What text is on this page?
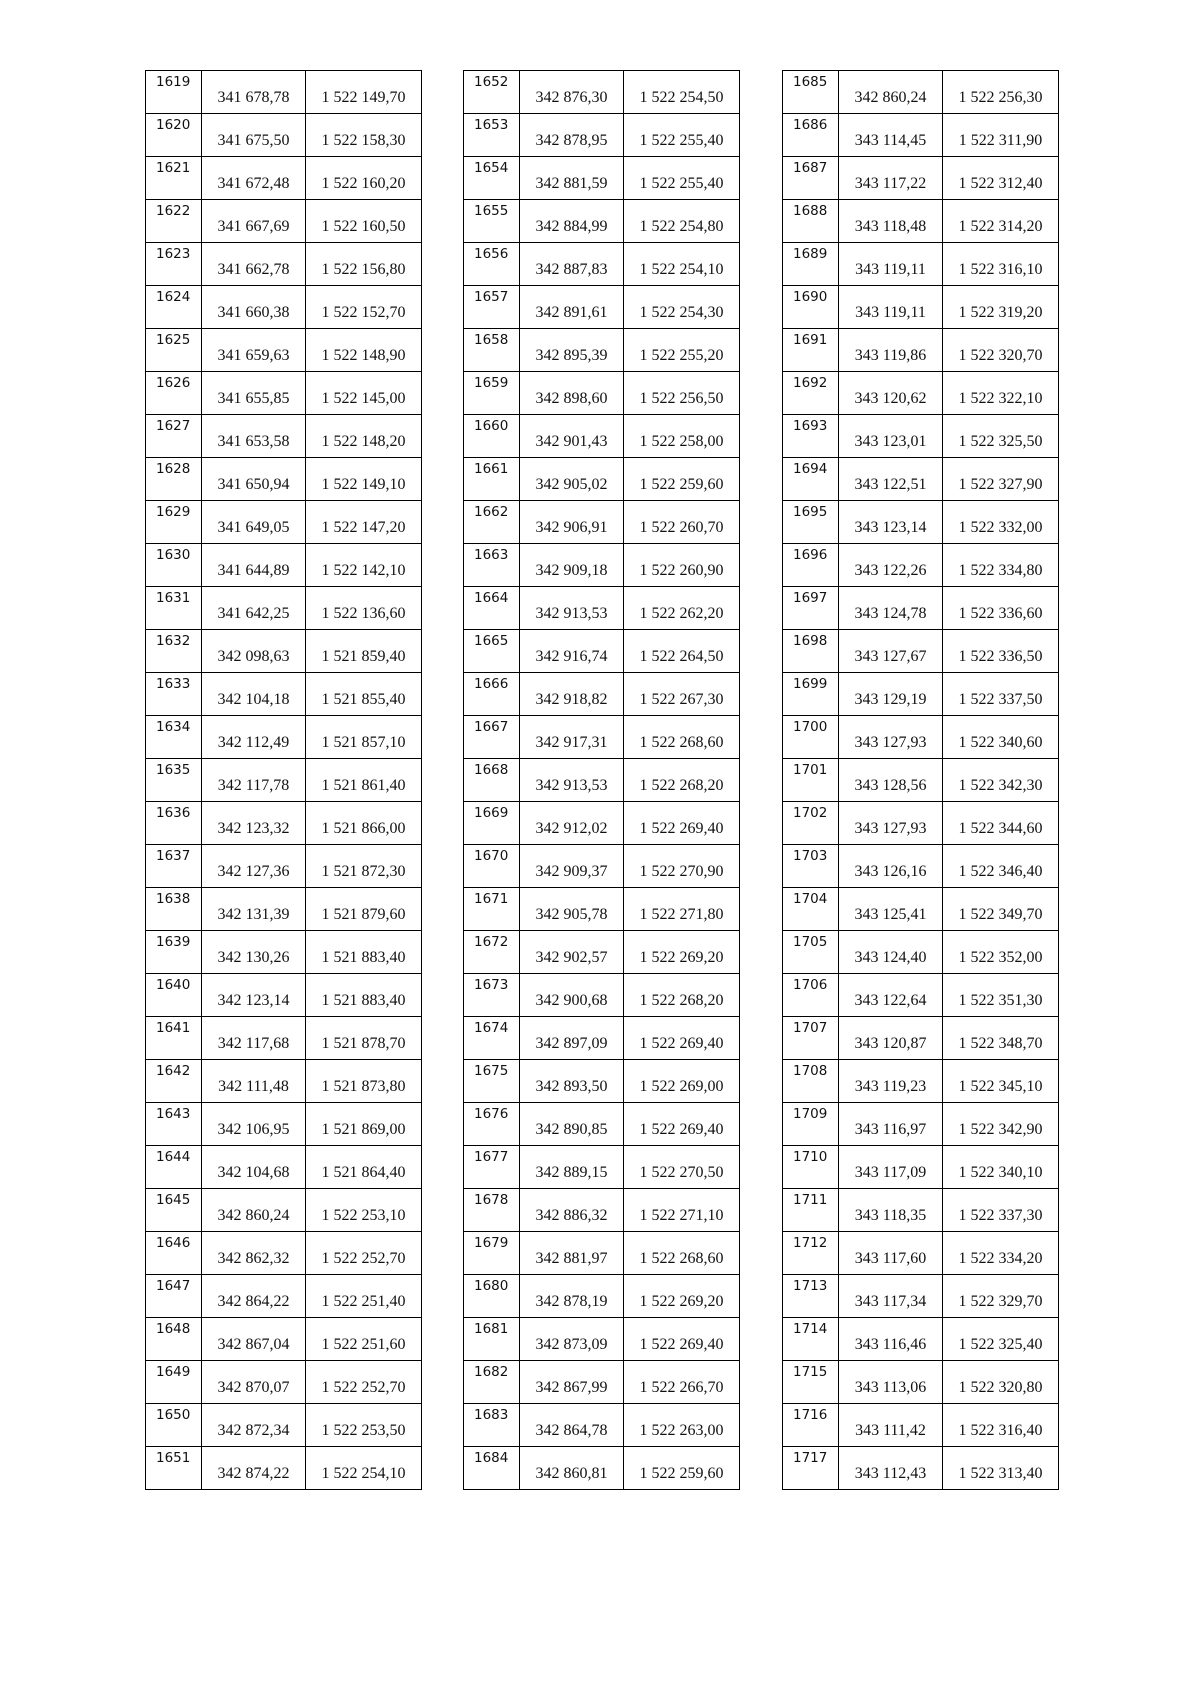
1619	341 678,78	1 522 149,70
1620	341 675,50	1 522 158,30
1621	341 672,48	1 522 160,20
1622	341 667,69	1 522 160,50
1623	341 662,78	1 522 156,80
1624	341 660,38	1 522 152,70
1625	341 659,63	1 522 148,90
1626	341 655,85	1 522 145,00
1627	341 653,58	1 522 148,20
1628	341 650,94	1 522 149,10
1629	341 649,05	1 522 147,20
1630	341 644,89	1 522 142,10
1631	341 642,25	1 522 136,60
1632	342 098,63	1 521 859,40
1633	342 104,18	1 521 855,40
1634	342 112,49	1 521 857,10
1635	342 117,78	1 521 861,40
1636	342 123,32	1 521 866,00
1637	342 127,36	1 521 872,30
1638	342 131,39	1 521 879,60
1639	342 130,26	1 521 883,40
1640	342 123,14	1 521 883,40
1641	342 117,68	1 521 878,70
1642	342 111,48	1 521 873,80
1643	342 106,95	1 521 869,00
1644	342 104,68	1 521 864,40
1645	342 860,24	1 522 253,10
1646	342 862,32	1 522 252,70
1647	342 864,22	1 522 251,40
1648	342 867,04	1 522 251,60
1649	342 870,07	1 522 252,70
1650	342 872,34	1 522 253,50
1651	342 874,22	1 522 254,10
1652	342 876,30	1 522 254,50
1653	342 878,95	1 522 255,40
1654	342 881,59	1 522 255,40
1655	342 884,99	1 522 254,80
1656	342 887,83	1 522 254,10
1657	342 891,61	1 522 254,30
1658	342 895,39	1 522 255,20
1659	342 898,60	1 522 256,50
1660	342 901,43	1 522 258,00
1661	342 905,02	1 522 259,60
1662	342 906,91	1 522 260,70
1663	342 909,18	1 522 260,90
1664	342 913,53	1 522 262,20
1665	342 916,74	1 522 264,50
1666	342 918,82	1 522 267,30
1667	342 917,31	1 522 268,60
1668	342 913,53	1 522 268,20
1669	342 912,02	1 522 269,40
1670	342 909,37	1 522 270,90
1671	342 905,78	1 522 271,80
1672	342 902,57	1 522 269,20
1673	342 900,68	1 522 268,20
1674	342 897,09	1 522 269,40
1675	342 893,50	1 522 269,00
1676	342 890,85	1 522 269,40
1677	342 889,15	1 522 270,50
1678	342 886,32	1 522 271,10
1679	342 881,97	1 522 268,60
1680	342 878,19	1 522 269,20
1681	342 873,09	1 522 269,40
1682	342 867,99	1 522 266,70
1683	342 864,78	1 522 263,00
1684	342 860,81	1 522 259,60
1685	342 860,24	1 522 256,30
1686	343 114,45	1 522 311,90
1687	343 117,22	1 522 312,40
1688	343 118,48	1 522 314,20
1689	343 119,11	1 522 316,10
1690	343 119,11	1 522 319,20
1691	343 119,86	1 522 320,70
1692	343 120,62	1 522 322,10
1693	343 123,01	1 522 325,50
1694	343 122,51	1 522 327,90
1695	343 123,14	1 522 332,00
1696	343 122,26	1 522 334,80
1697	343 124,78	1 522 336,60
1698	343 127,67	1 522 336,50
1699	343 129,19	1 522 337,50
1700	343 127,93	1 522 340,60
1701	343 128,56	1 522 342,30
1702	343 127,93	1 522 344,60
1703	343 126,16	1 522 346,40
1704	343 125,41	1 522 349,70
1705	343 124,40	1 522 352,00
1706	343 122,64	1 522 351,30
1707	343 120,87	1 522 348,70
1708	343 119,23	1 522 345,10
1709	343 116,97	1 522 342,90
1710	343 117,09	1 522 340,10
1711	343 118,35	1 522 337,30
1712	343 117,60	1 522 334,20
1713	343 117,34	1 522 329,70
1714	343 116,46	1 522 325,40
1715	343 113,06	1 522 320,80
1716	343 111,42	1 522 316,40
1717	343 112,43	1 522 313,40
